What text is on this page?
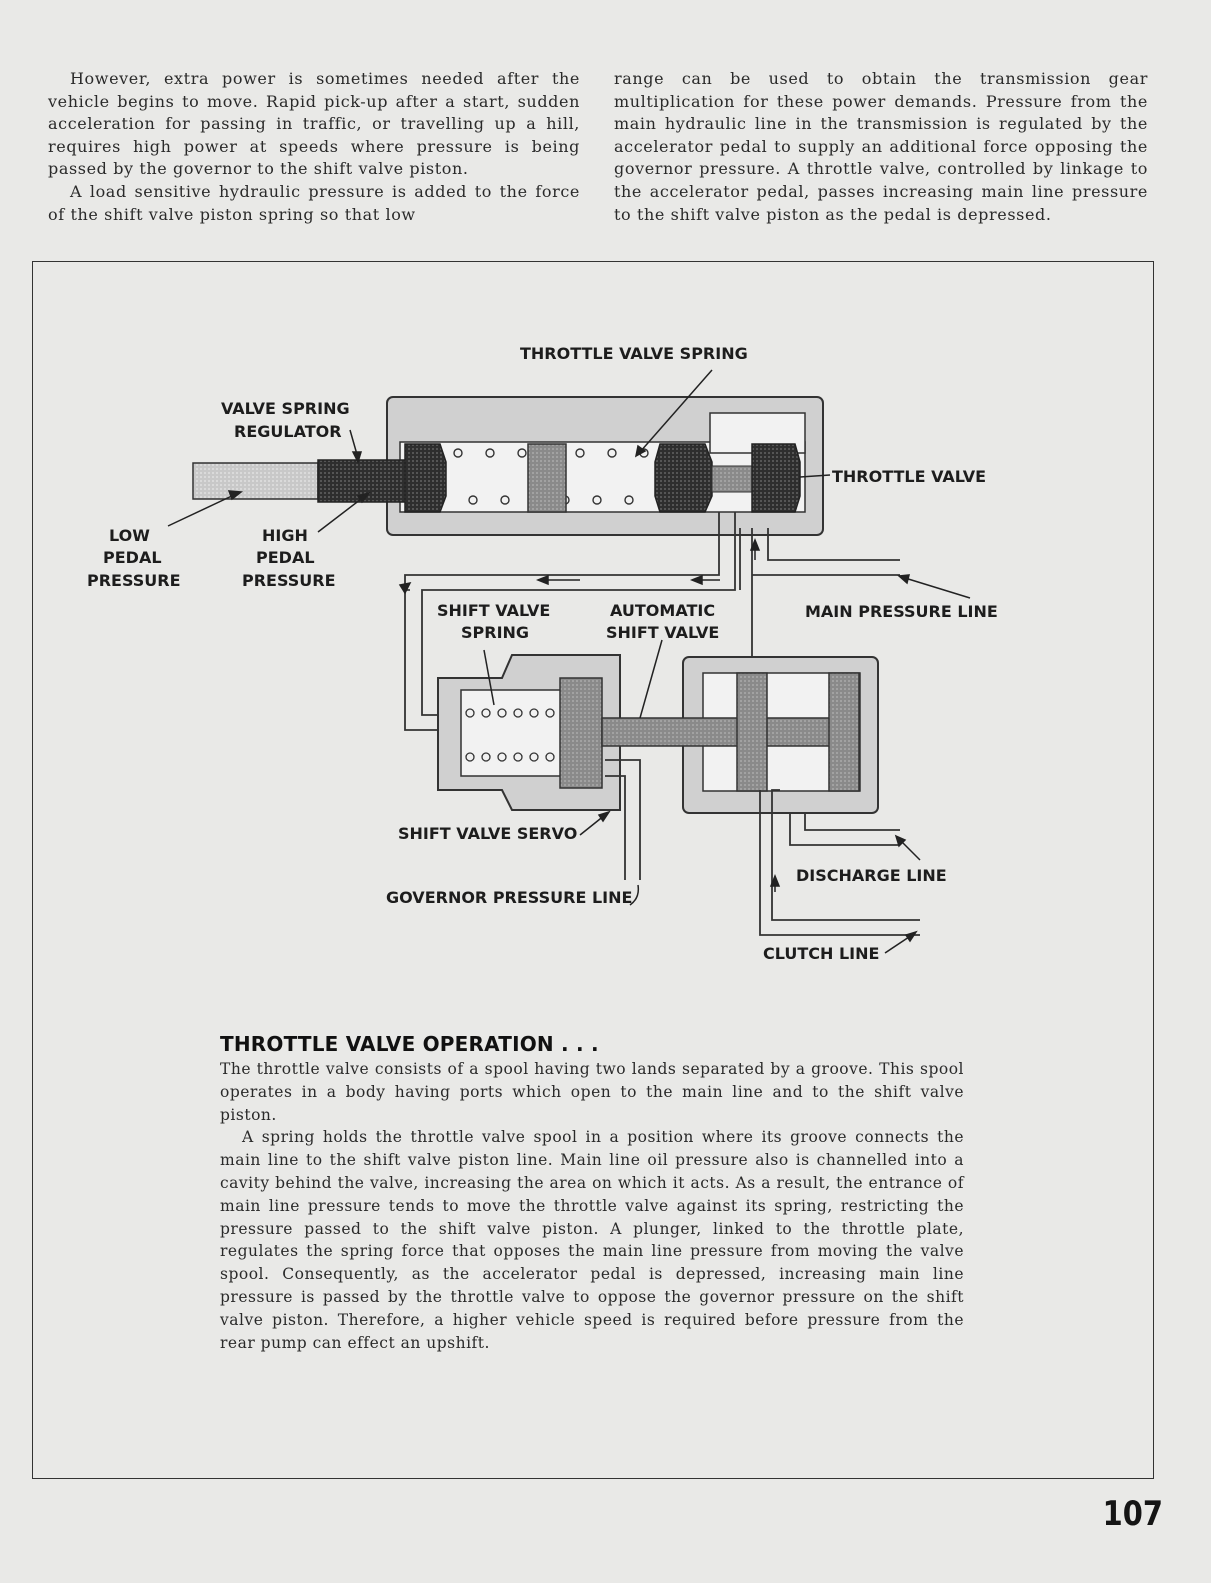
However, extra power is sometimes needed after the vehicle begins to move. Rapid pick-up after a start, sudden acceleration for passing in traffic, or travelling up a hill, requires high power at speeds where pressure is being passed by the governor to the shift valve piston.

A load sensitive hydraulic pressure is added to the force of the shift valve piston spring so that low

range can be used to obtain the transmission gear multiplication for these power demands. Pressure from the main hydraulic line in the transmission is regulated by the accelerator pedal to supply an additional force opposing the governor pressure. A throttle valve, controlled by linkage to the accelerator pedal, passes increasing main line pressure to the shift valve piston as the pedal is depressed.

THROTTLE VALVE SPRING
VALVE SPRING
REGULATOR
THROTTLE VALVE
LOW
PEDAL
PRESSURE
HIGH
PEDAL
PRESSURE
SHIFT VALVE
SPRING
AUTOMATIC
SHIFT VALVE
MAIN PRESSURE LINE
SHIFT VALVE SERVO
GOVERNOR PRESSURE LINE
DISCHARGE LINE
CLUTCH LINE
THROTTLE VALVE OPERATION . . .

The throttle valve consists of a spool having two lands separated by a groove. This spool operates in a body having ports which open to the main line and to the shift valve piston.

A spring holds the throttle valve spool in a position where its groove connects the main line to the shift valve piston line. Main line oil pressure also is channelled into a cavity behind the valve, increasing the area on which it acts. As a result, the entrance of main line pressure tends to move the throttle valve against its spring, restricting the pressure passed to the shift valve piston. A plunger, linked to the throttle plate, regulates the spring force that opposes the main line pressure from moving the valve spool. Consequently, as the accelerator pedal is depressed, increasing main line pressure is passed by the throttle valve to oppose the governor pressure on the shift valve piston. Therefore, a higher vehicle speed is required before pressure from the rear pump can effect an upshift.

107
